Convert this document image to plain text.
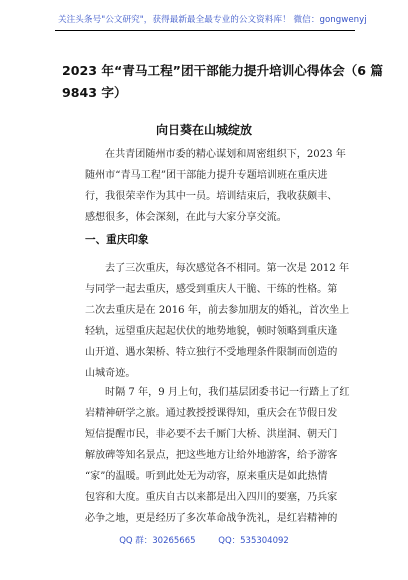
关注头条号"公文研究"，获得最新最全最专业的公文资料库！ 微信：gongwenyj
2023 年“青马工程”团干部能力提升培训心得体会（6 篇
9843 字）
向日葵在山城绽放
在共青团随州市委的精心谋划和周密组织下，2023 年
随州市“青马工程”团干部能力提升专题培训班在重庆进
行，我很荣幸作为其中一员。培训结束后，我收获颇丰、
感想很多，体会深刻，在此与大家分享交流。
一、重庆印象
去了三次重庆，每次感觉各不相同。第一次是 2012 年
与同学一起去重庆，感受到重庆人干脆、干练的性格。第
二次去重庆是在 2016 年，前去参加朋友的婚礼，首次坐上
轻轨，远望重庆起起伏伏的地势地貌，顿时领略到重庆逢
山开道、遇水架桥、特立独行不受地理条件限制而创造的
山城奇迹。
时隔 7 年，9 月上旬，我们基层团委书记一行踏上了红
岩精神研学之旅。通过教授授课得知，重庆会在节假日发
短信提醒市民，非必要不去千厮门大桥、洪崖洞、朝天门
解放碑等知名景点，把这些地方让给外地游客，给予游客
“家”的温暖。听到此处无为动容，原来重庆是如此热情
包容和大度。重庆自古以来都是出入四川的要塞，乃兵家
必争之地，更是经历了多次革命战争洗礼，是红岩精神的
QQ 群：30265665	QQ：535304092
